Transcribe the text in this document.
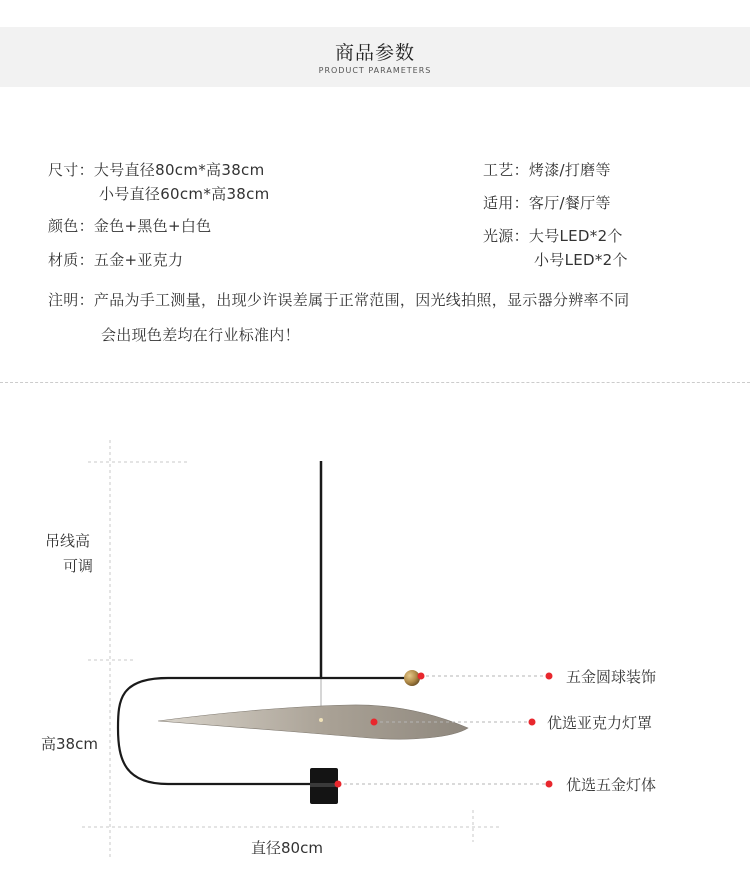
商品参数
PRODUCT PARAMETERS
尺寸：大号直径80cm*高38cm
小号直径60cm*高38cm
颜色：金色+黑色+白色
材质：五金+亚克力
工艺：烤漆/打磨等
适用：客厅/餐厅等
光源：大号LED*2个
小号LED*2个
注明：产品为手工测量，出现少许误差属于正常范围，因光线拍照，显示器分辨率不同
会出现色差均在行业标准内！
吊线高
可调
高38cm
直径80cm
五金圆球装饰
优选亚克力灯罩
优选五金灯体
